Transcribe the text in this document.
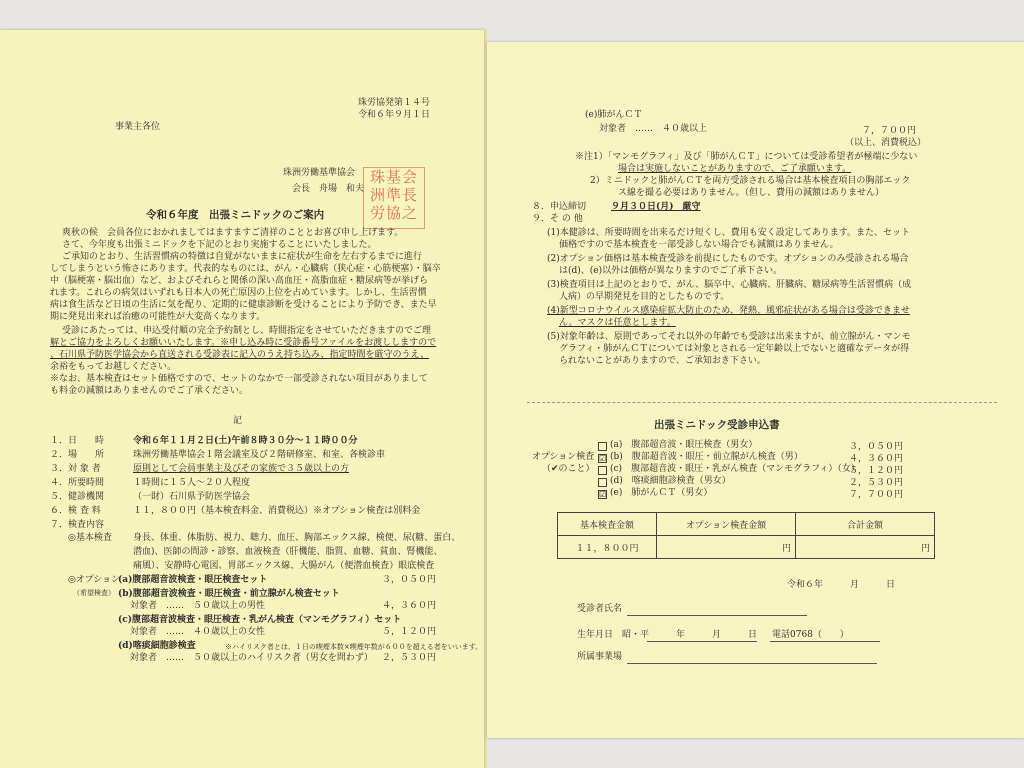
珠労協発第１４号
令和６年９月１日
事業主各位
珠洲労働基準協会
会長　舟場　和夫
珠基会
洲準長
労協之
令和６年度　出張ミニドックのご案内
爽秋の候　会員各位におかれましてはますますご清祥のこととお喜び申し上げます。
さて、今年度も出張ミニドックを下記のとおり実施することにいたしました。
ご承知のとおり、生活習慣病の特徴は自覚がないままに症状が生命を左右するまでに進行
してしまうという怖さにあります。代表的なものには、がん・心臓病（狭心症・心筋梗塞）・脳卒
中（脳梗塞・脳出血）など、およびそれらと関係の深い高血圧・高脂血症・糖尿病等が挙げら
れます。これらの病気はいずれも日本人の死亡原因の上位を占めています。しかし、生活習慣
病は食生活など日頃の生活に気を配り、定期的に健康診断を受けることにより予防でき、また早
期に発見出来れば治癒の可能性が大変高くなります。
受診にあたっては、申込受付順の完全予約制とし、時間指定をさせていただきますのでご理
解とご協力をよろしくお願いいたします。※申し込み時に受診番号ファイルをお渡ししますので
、石川県予防医学協会から直送される受診表に記入のうえ持ち込み、指定時間を厳守のうえ、
余裕をもってお越しください。
※なお、基本検査はセット価格ですので、セットのなかで一部受診されない項目がありまして
も料金の減額はありませんのでご了承ください。
記
１．日　　時	令和６年１１月２日(土)午前８時３０分～１１時００分
２．場　　所	珠洲労働基準協会１階会議室及び２階研修室、和室、各検診車
３．対 象 者	原則として会員事業主及びその家族で３５歳以上の方
４．所要時間	１時間に１５人～２０人程度
５．健診機関	（一財）石川県予防医学協会
６．検 査 料	１１，８００円（基本検査料金、消費税込）※オプション検査は別料金
７．検査内容
◎基本検査 身長、体重、体脂肪、視力、聴力、血圧、胸部エックス線、検便、尿(糖、蛋白、
潜血)、医師の問診・診察、血液検査（肝機能、脂質、血糖、貧血、腎機能、
痛風）、安静時心電図、胃部エックス線、大腸がん（便潜血検査）眼底検査
◎オプション
（希望検査）
(a)腹部超音波検査・眼圧検査セット	３，０５０円
(b)腹部超音波検査・眼圧検査・前立腺がん検査セット
対象者　……　５０歳以上の男性	４，３６０円
(c)腹部超音波検査・眼圧検査・乳がん検査（マンモグラフィ）セット
対象者　……　４０歳以上の女性	５，１２０円
(d)喀痰細胞診検査	※ハイリスク者とは、１日の喫煙本数×喫煙年数が６００を超える者をいいます。
対象者　……　５０歳以上のハイリスク者（男女を問わず） ２，５３０円
(e)肺がんＣＴ
対象者　……　４０歳以上	７，７００円
（以上、消費税込）
※注1）「マンモグラフィ」及び「肺がんＣＴ」については受診希望者が極端に少ない
場合は実施しないことがありますので、ご了承願います。
2）ミニドックと肺がんＣＴを両方受診される場合は基本検査項目の胸部エック
ス線を撮る必要はありません。（但し、費用の減額はありません）
８．申込締切	９月３０日(月)　厳守
９．そ の 他
(1)本健診は、所要時間を出来るだけ短くし、費用も安く設定してあります。また、セット
価格ですので基本検査を一部受診しない場合でも減額はありません。
(2)オプション価格は基本検査受診を前提にしたものです。オプションのみ受診される場合
は(d)、(e)以外は価格が異なりますのでご了承下さい。
(3)検査項目は上記のとおりで、がん、脳卒中、心臓病、肝臓病、糖尿病等生活習慣病（成
人病）の早期発見を目的としたものです。
(4)新型コロナウイルス感染症拡大防止のため、発熱、風邪症状がある場合は受診できませ
ん。マスクは任意とします。
(5)対象年齢は、原則であってそれ以外の年齢でも受診は出来ますが、前立腺がん・マンモ
グラフィ・肺がんＣＴについては対象とされる一定年齢以上でないと適確なデータが得
られないことがありますので、ご承知おき下さい。
出張ミニドック受診申込書
オプション検査
（✔のこと）
(a)　腹部超音波・眼圧検査（男女）	３，０５０円
☑ (b)　腹部超音波・眼圧・前立腺がん検査（男）	４，３６０円
(c)　腹部超音波・眼圧・乳がん検査（マンモグラフィ）（女）
５，１２０円
(d)　喀痰細胞診検査（男女）	２，５３０円
☑ (e)　肺がんＣＴ（男女）	７，７００円
基本検査金額	オプション検査金額	合計金額
１１，８００円	円	円
令和６年　　　月　　　日
受診者氏名
生年月日　昭・平　　　年　　　月　　　日 電話0768（　　）
所属事業場
